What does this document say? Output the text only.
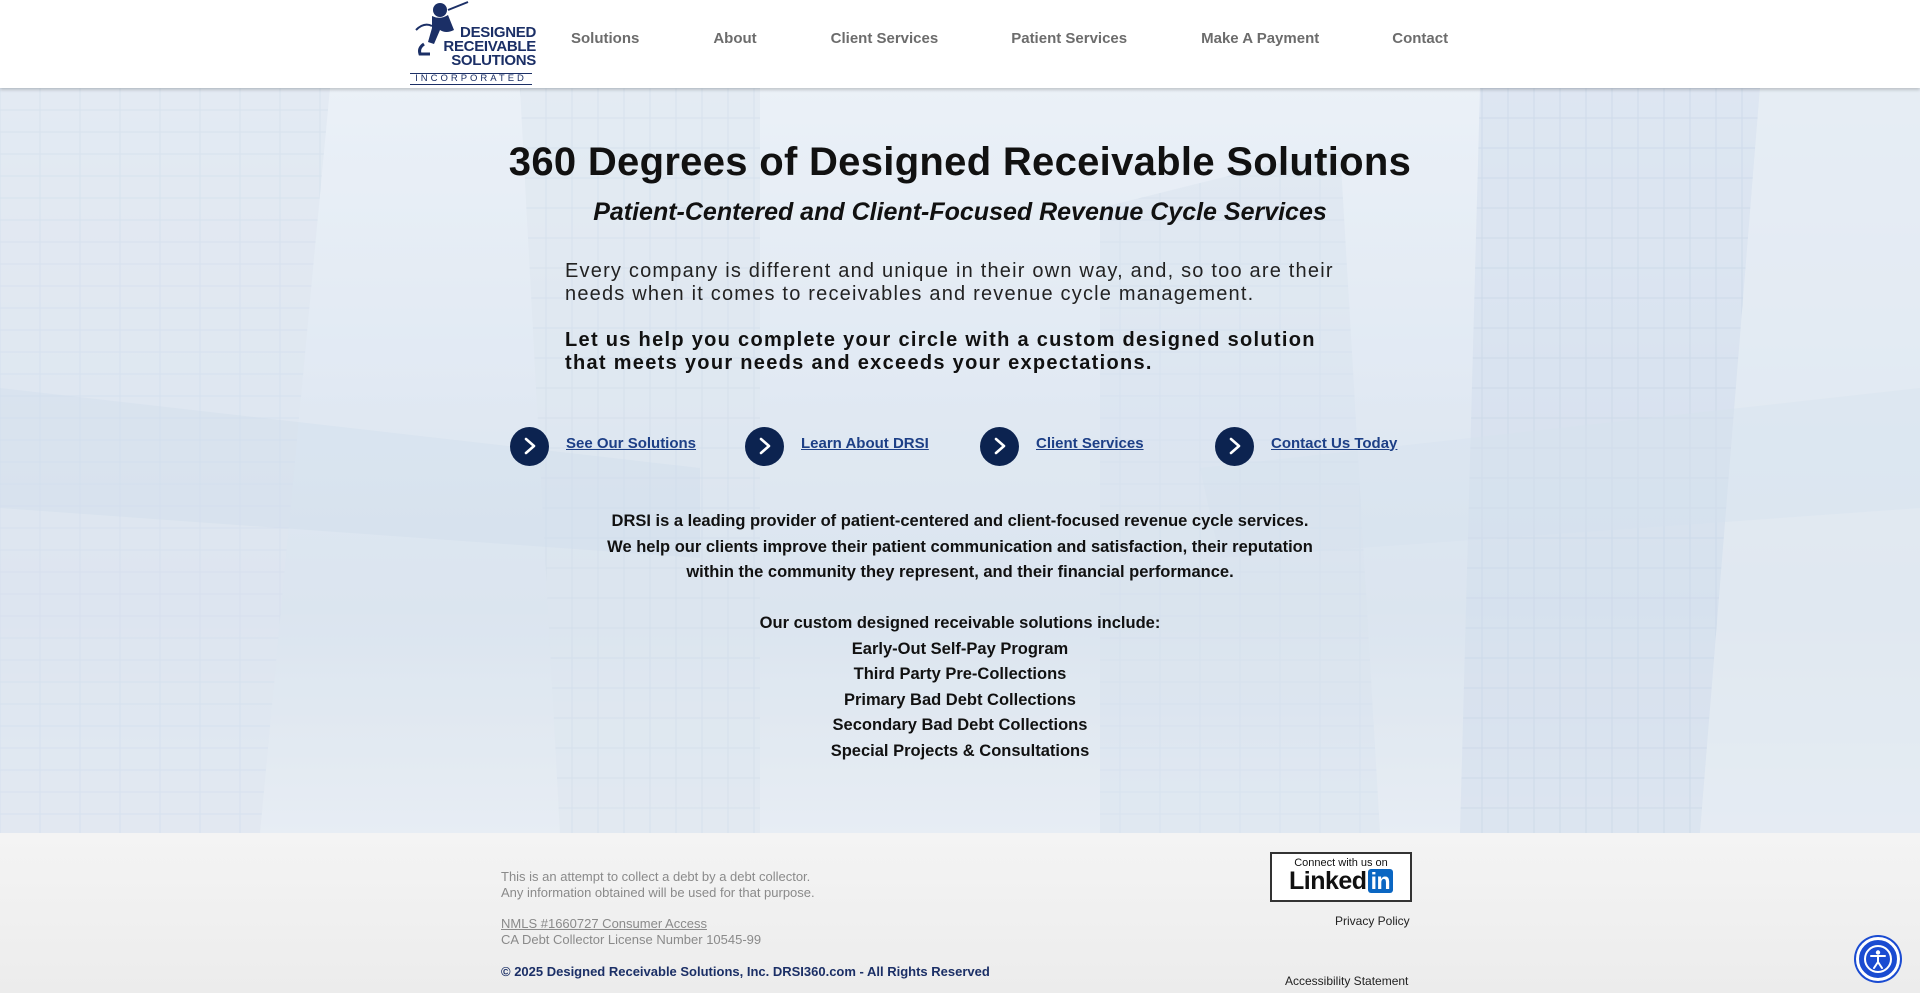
DESIGNED
RECEIVABLE
SOLUTIONS
INCORPORATED
Solutions	About	Client Services	Patient Services	Make A Payment	Contact
360 Degrees of Designed Receivable Solutions
Patient-Centered and Client-Focused Revenue Cycle Services

Every company is different and unique in their own way, and, so too are their needs when it comes to receivables and revenue cycle management.

Let us help you complete your circle with a custom designed solution that meets your needs and exceeds your expectations.

See Our Solutions	Learn About DRSI	Client Services	Contact Us Today

DRSI is a leading provider of patient-centered and client-focused revenue cycle services.

We help our clients improve their patient communication and satisfaction, their reputation

within the community they represent, and their financial performance.

Our custom designed receivable solutions include:

Early-Out Self-Pay Program

Third Party Pre-Collections

Primary Bad Debt Collections

Secondary Bad Debt Collections

Special Projects & Consultations

This is an attempt to collect a debt by a debt collector.
Any information obtained will be used for that purpose.
NMLS #1660727 Consumer Access
CA Debt Collector License Number 10545-99
© 2025 Designed Receivable Solutions, Inc. DRSI360.com - All Rights Reserved
Connect with us on
Linked in
Privacy Policy
Accessibility Statement
